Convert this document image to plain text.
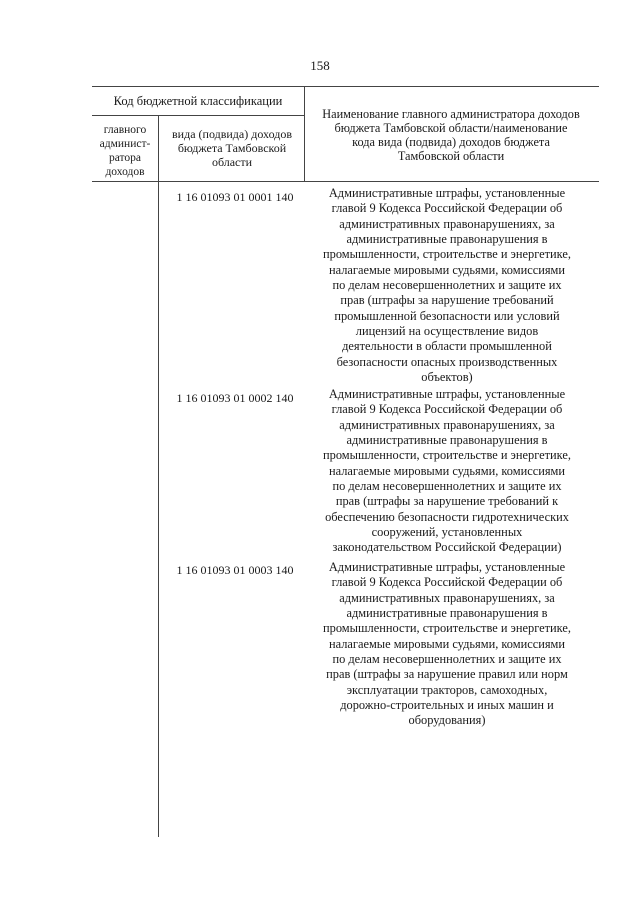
158
Код бюджетной классификации
главного админист-ратора доходов
вида (подвида) доходов бюджета Тамбовской области
Наименование главного администратора доходов бюджета Тамбовской области/наименование кода вида (подвида) доходов бюджета Тамбовской области
1 16 01093 01 0001 140	Административные штрафы, установленные
главой 9 Кодекса Российской Федерации об
административных правонарушениях, за
административные правонарушения в
промышленности, строительстве и энергетике,
налагаемые мировыми судьями, комиссиями
по делам несовершеннолетних и защите их
прав (штрафы за нарушение требований
промышленной безопасности или условий
лицензий на осуществление видов
деятельности в области промышленной
безопасности опасных производственных
объектов)
1 16 01093 01 0002 140	Административные штрафы, установленные
главой 9 Кодекса Российской Федерации об
административных правонарушениях, за
административные правонарушения в
промышленности, строительстве и энергетике,
налагаемые мировыми судьями, комиссиями
по делам несовершеннолетних и защите их
прав (штрафы за нарушение требований к
обеспечению безопасности гидротехнических
сооружений, установленных
законодательством Российской Федерации)
1 16 01093 01 0003 140	Административные штрафы, установленные
главой 9 Кодекса Российской Федерации об
административных правонарушениях, за
административные правонарушения в
промышленности, строительстве и энергетике,
налагаемые мировыми судьями, комиссиями
по делам несовершеннолетних и защите их
прав (штрафы за нарушение правил или норм
эксплуатации тракторов, самоходных,
дорожно-строительных и иных машин и
оборудования)
